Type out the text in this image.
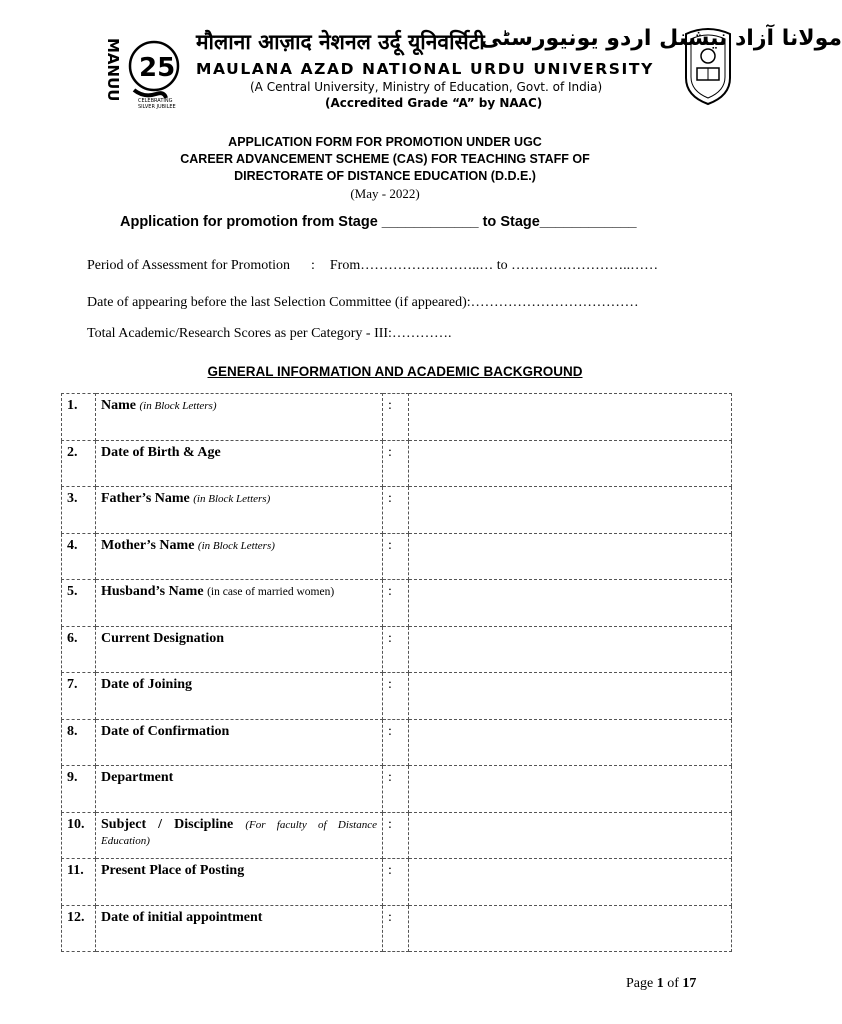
MANUU 25
CELEBRATING
SILVER JUBILEE
मौलाना आज़ाद नेशनल उर्दू यूनिवर्सिटी
مولانا آزاد نیشنل اردو یونیورسٹی
MAULANA AZAD NATIONAL URDU UNIVERSITY
(A Central University, Ministry of Education, Govt. of India)
(Accredited Grade “A” by NAAC)
APPLICATION FORM FOR PROMOTION UNDER UGC
CAREER ADVANCEMENT SCHEME (CAS) FOR TEACHING STAFF OF
DIRECTORATE OF DISTANCE EDUCATION (D.D.E.)
(May - 2022)
Application for promotion from Stage ____________ to Stage____________
Period of Assessment for Promotion : From……………………..… to ……………………..……
Date of appearing before the last Selection Committee (if appeared):………………………………
Total Academic/Research Scores as per Category - III:………….
GENERAL INFORMATION AND ACADEMIC BACKGROUND
1.	Name (in Block Letters)	:	
2.	Date of Birth & Age	:	
3.	Father’s Name (in Block Letters)	:	
4.	Mother’s Name (in Block Letters)	:	
5.	Husband’s Name (in case of married women)	:	
6.	Current Designation	:	
7.	Date of Joining	:	
8.	Date of Confirmation	:	
9.	Department	:	
10.	Subject / Discipline (For faculty of Distance Education)	:	
11.	Present Place of Posting	:	
12.	Date of initial appointment	:	
Page 1 of 17
